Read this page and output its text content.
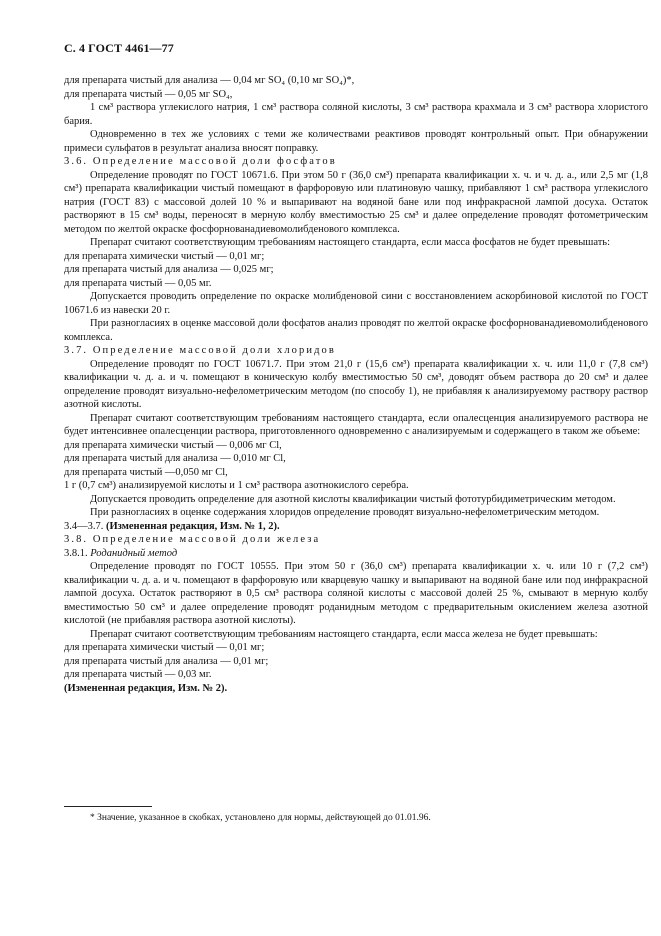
С. 4 ГОСТ 4461—77

для препарата чистый для анализа — 0,04 мг SO₄ (0,10 мг SO₄)*,

для препарата чистый — 0,05 мг SO₄,

1 см³ раствора углекислого натрия, 1 см³ раствора соляной кислоты, 3 см³ раствора крахмала и 3 см³ раствора хлористого бария.

Одновременно в тех же условиях с теми же количествами реактивов проводят контрольный опыт. При обнаружении примеси сульфатов в результат анализа вносят поправку.

3.6. Определение массовой доли фосфатов

Определение проводят по ГОСТ 10671.6. При этом 50 г (36,0 см³) препарата квалификации х. ч. и ч. д. а., или 2,5 мг (1,8 см³) препарата квалификации чистый помещают в фарфоровую или платиновую чашку, прибавляют 1 см³ раствора углекислого натрия (ГОСТ 83) с массовой долей 10 % и выпаривают на водяной бане или под инфракрасной лампой досуха. Остаток растворяют в 15 см³ воды, переносят в мерную колбу вместимостью 25 см³ и далее определение проводят фотометрическим методом по желтой окраске фосфорнованадиевомолибденового комплекса.

Препарат считают соответствующим требованиям настоящего стандарта, если масса фосфатов не будет превышать:

для препарата химически чистый — 0,01 мг;

для препарата чистый для анализа — 0,025 мг;

для препарата чистый — 0,05 мг.

Допускается проводить определение по окраске молибденовой сини с восстановлением аскорбиновой кислотой по ГОСТ 10671.6 из навески 20 г.

При разногласиях в оценке массовой доли фосфатов анализ проводят по желтой окраске фосфорнованадиевомолибденового комплекса.

3.7. Определение массовой доли хлоридов

Определение проводят по ГОСТ 10671.7. При этом 21,0 г (15,6 см³) препарата квалификации х. ч. или 11,0 г (7,8 см³) квалификации ч. д. а. и ч. помещают в коническую колбу вместимостью 50 см³, доводят объем раствора до 20 см³ и далее определение проводят визуально-нефелометрическим методом (по способу 1), не прибавляя к анализируемому раствору раствор азотной кислоты.

Препарат считают соответствующим требованиям настоящего стандарта, если опалесценция анализируемого раствора не будет интенсивнее опалесценции раствора, приготовленного одновременно с анализируемым и содержащего в таком же объеме:

для препарата химически чистый — 0,006 мг Cl,

для препарата чистый для анализа — 0,010 мг Cl,

для препарата чистый —0,050 мг Cl,

1 г (0,7 см³) анализируемой кислоты и 1 см³ раствора азотнокислого серебра.

Допускается проводить определение для азотной кислоты квалификации чистый фототурбидиметрическим методом.

При разногласиях в оценке содержания хлоридов определение проводят визуально-нефелометрическим методом.

3.4—3.7. (Измененная редакция, Изм. № 1, 2).

3.8. Определение массовой доли железа

3.8.1. Роданидный метод

Определение проводят по ГОСТ 10555. При этом 50 г (36,0 см³) препарата квалификации х. ч. или 10 г (7,2 см³) квалификации ч. д. а. и ч. помещают в фарфоровую или кварцевую чашку и выпаривают на водяной бане или под инфракрасной лампой досуха. Остаток растворяют в 0,5 см³ раствора соляной кислоты с массовой долей 25 %, смывают в мерную колбу вместимостью 50 см³ и далее определение проводят роданидным методом с предварительным окислением железа азотной кислотой (не прибавляя раствора азотной кислоты).

Препарат считают соответствующим требованиям настоящего стандарта, если масса железа не будет превышать:

для препарата химически чистый — 0,01 мг;

для препарата чистый для анализа — 0,01 мг;

для препарата чистый — 0,03 мг.

(Измененная редакция, Изм. № 2).

* Значение, указанное в скобках, установлено для нормы, действующей до 01.01.96.
